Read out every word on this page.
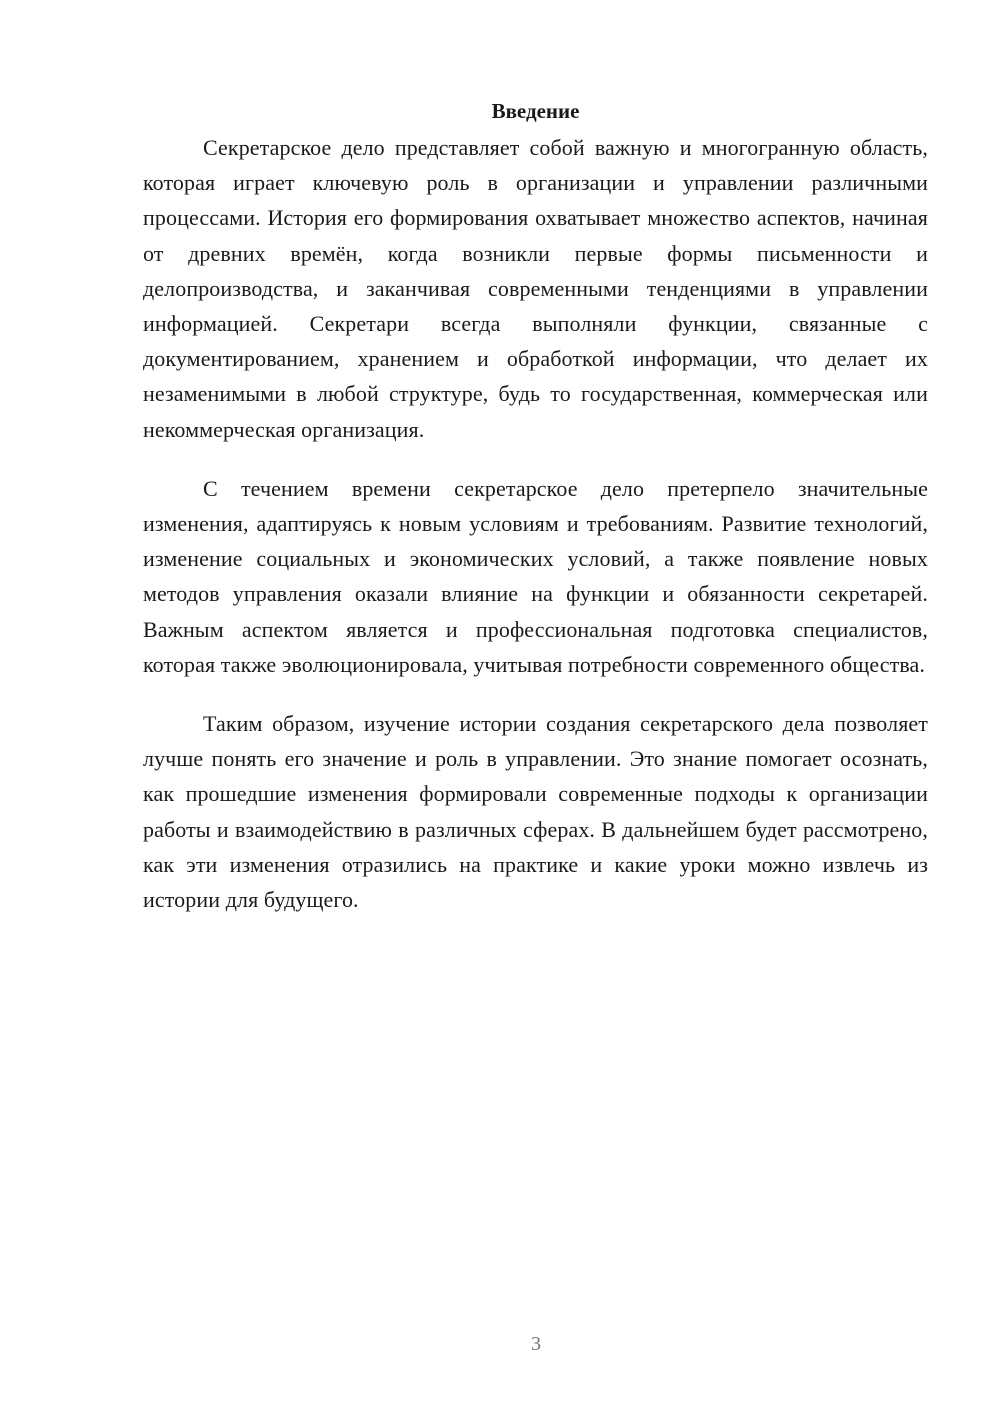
Введение

Секретарское дело представляет собой важную и многогранную область, которая играет ключевую роль в организации и управлении различными процессами. История его формирования охватывает множество аспектов, начиная от древних времён, когда возникли первые формы письменности и делопроизводства, и заканчивая современными тенденциями в управлении информацией. Секретари всегда выполняли функции, связанные с документированием, хранением и обработкой информации, что делает их незаменимыми в любой структуре, будь то государственная, коммерческая или некоммерческая организация.

С течением времени секретарское дело претерпело значительные изменения, адаптируясь к новым условиям и требованиям. Развитие технологий, изменение социальных и экономических условий, а также появление новых методов управления оказали влияние на функции и обязанности секретарей. Важным аспектом является и профессиональная подготовка специалистов, которая также эволюционировала, учитывая потребности современного общества.

Таким образом, изучение истории создания секретарского дела позволяет лучше понять его значение и роль в управлении. Это знание помогает осознать, как прошедшие изменения формировали современные подходы к организации работы и взаимодействию в различных сферах. В дальнейшем будет рассмотрено, как эти изменения отразились на практике и какие уроки можно извлечь из истории для будущего.

3
